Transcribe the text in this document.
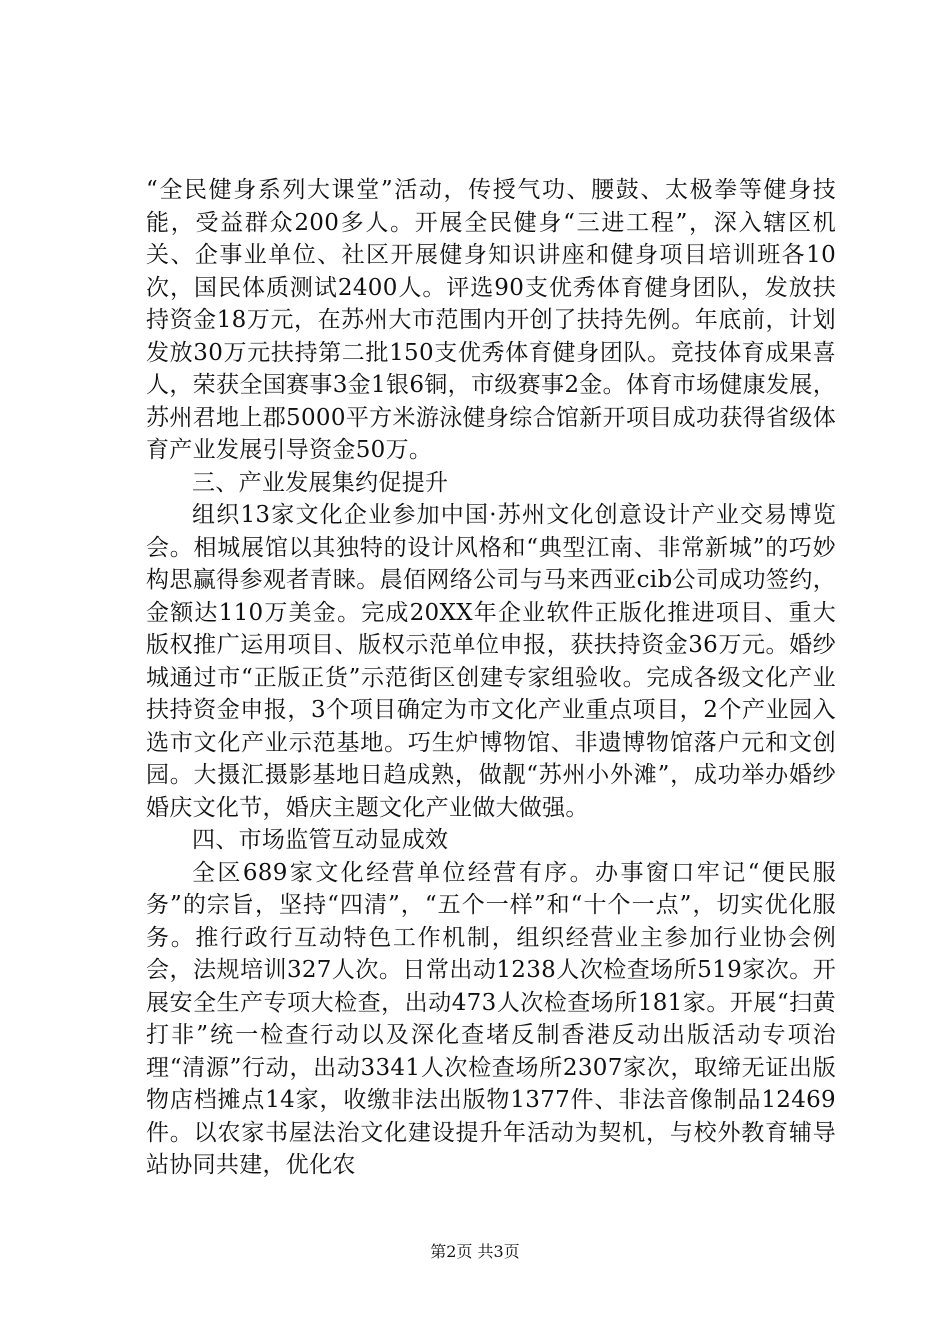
“全民健身系列大课堂”活动，传授气功、腰鼓、太极拳等健身技能，受益群众200多人。开展全民健身“三进工程”，深入辖区机关、企事业单位、社区开展健身知识讲座和健身项目培训班各10次，国民体质测试2400人。评选90支优秀体育健身团队，发放扶持资金18万元，在苏州大市范围内开创了扶持先例。年底前，计划发放30万元扶持第二批150支优秀体育健身团队。竞技体育成果喜人，荣获全国赛事3金1银6铜，市级赛事2金。体育市场健康发展，苏州君地上郡5000平方米游泳健身综合馆新开项目成功获得省级体育产业发展引导资金50万。

三、产业发展集约促提升

组织13家文化企业参加中国·苏州文化创意设计产业交易博览会。相城展馆以其独特的设计风格和“典型江南、非常新城”的巧妙构思赢得参观者青睐。晨佰网络公司与马来西亚cib公司成功签约，金额达110万美金。完成20XX年企业软件正版化推进项目、重大版权推广运用项目、版权示范单位申报，获扶持资金36万元。婚纱城通过市“正版正货”示范街区创建专家组验收。完成各级文化产业扶持资金申报，3个项目确定为市文化产业重点项目，2个产业园入选市文化产业示范基地。巧生炉博物馆、非遗博物馆落户元和文创园。大摄汇摄影基地日趋成熟，做靓“苏州小外滩”，成功举办婚纱婚庆文化节，婚庆主题文化产业做大做强。

四、市场监管互动显成效

全区689家文化经营单位经营有序。办事窗口牢记“便民服务”的宗旨，坚持“四清”，“五个一样”和“十个一点”，切实优化服务。推行政行互动特色工作机制，组织经营业主参加行业协会例会，法规培训327人次。日常出动1238人次检查场所519家次。开展安全生产专项大检查，出动473人次检查场所181家。开展“扫黄打非”统一检查行动以及深化查堵反制香港反动出版活动专项治理“清源”行动，出动3341人次检查场所2307家次，取缔无证出版物店档摊点14家，收缴非法出版物1377件、非法音像制品12469件。以农家书屋法治文化建设提升年活动为契机，与校外教育辅导站协同共建，优化农

第2页 共3页
